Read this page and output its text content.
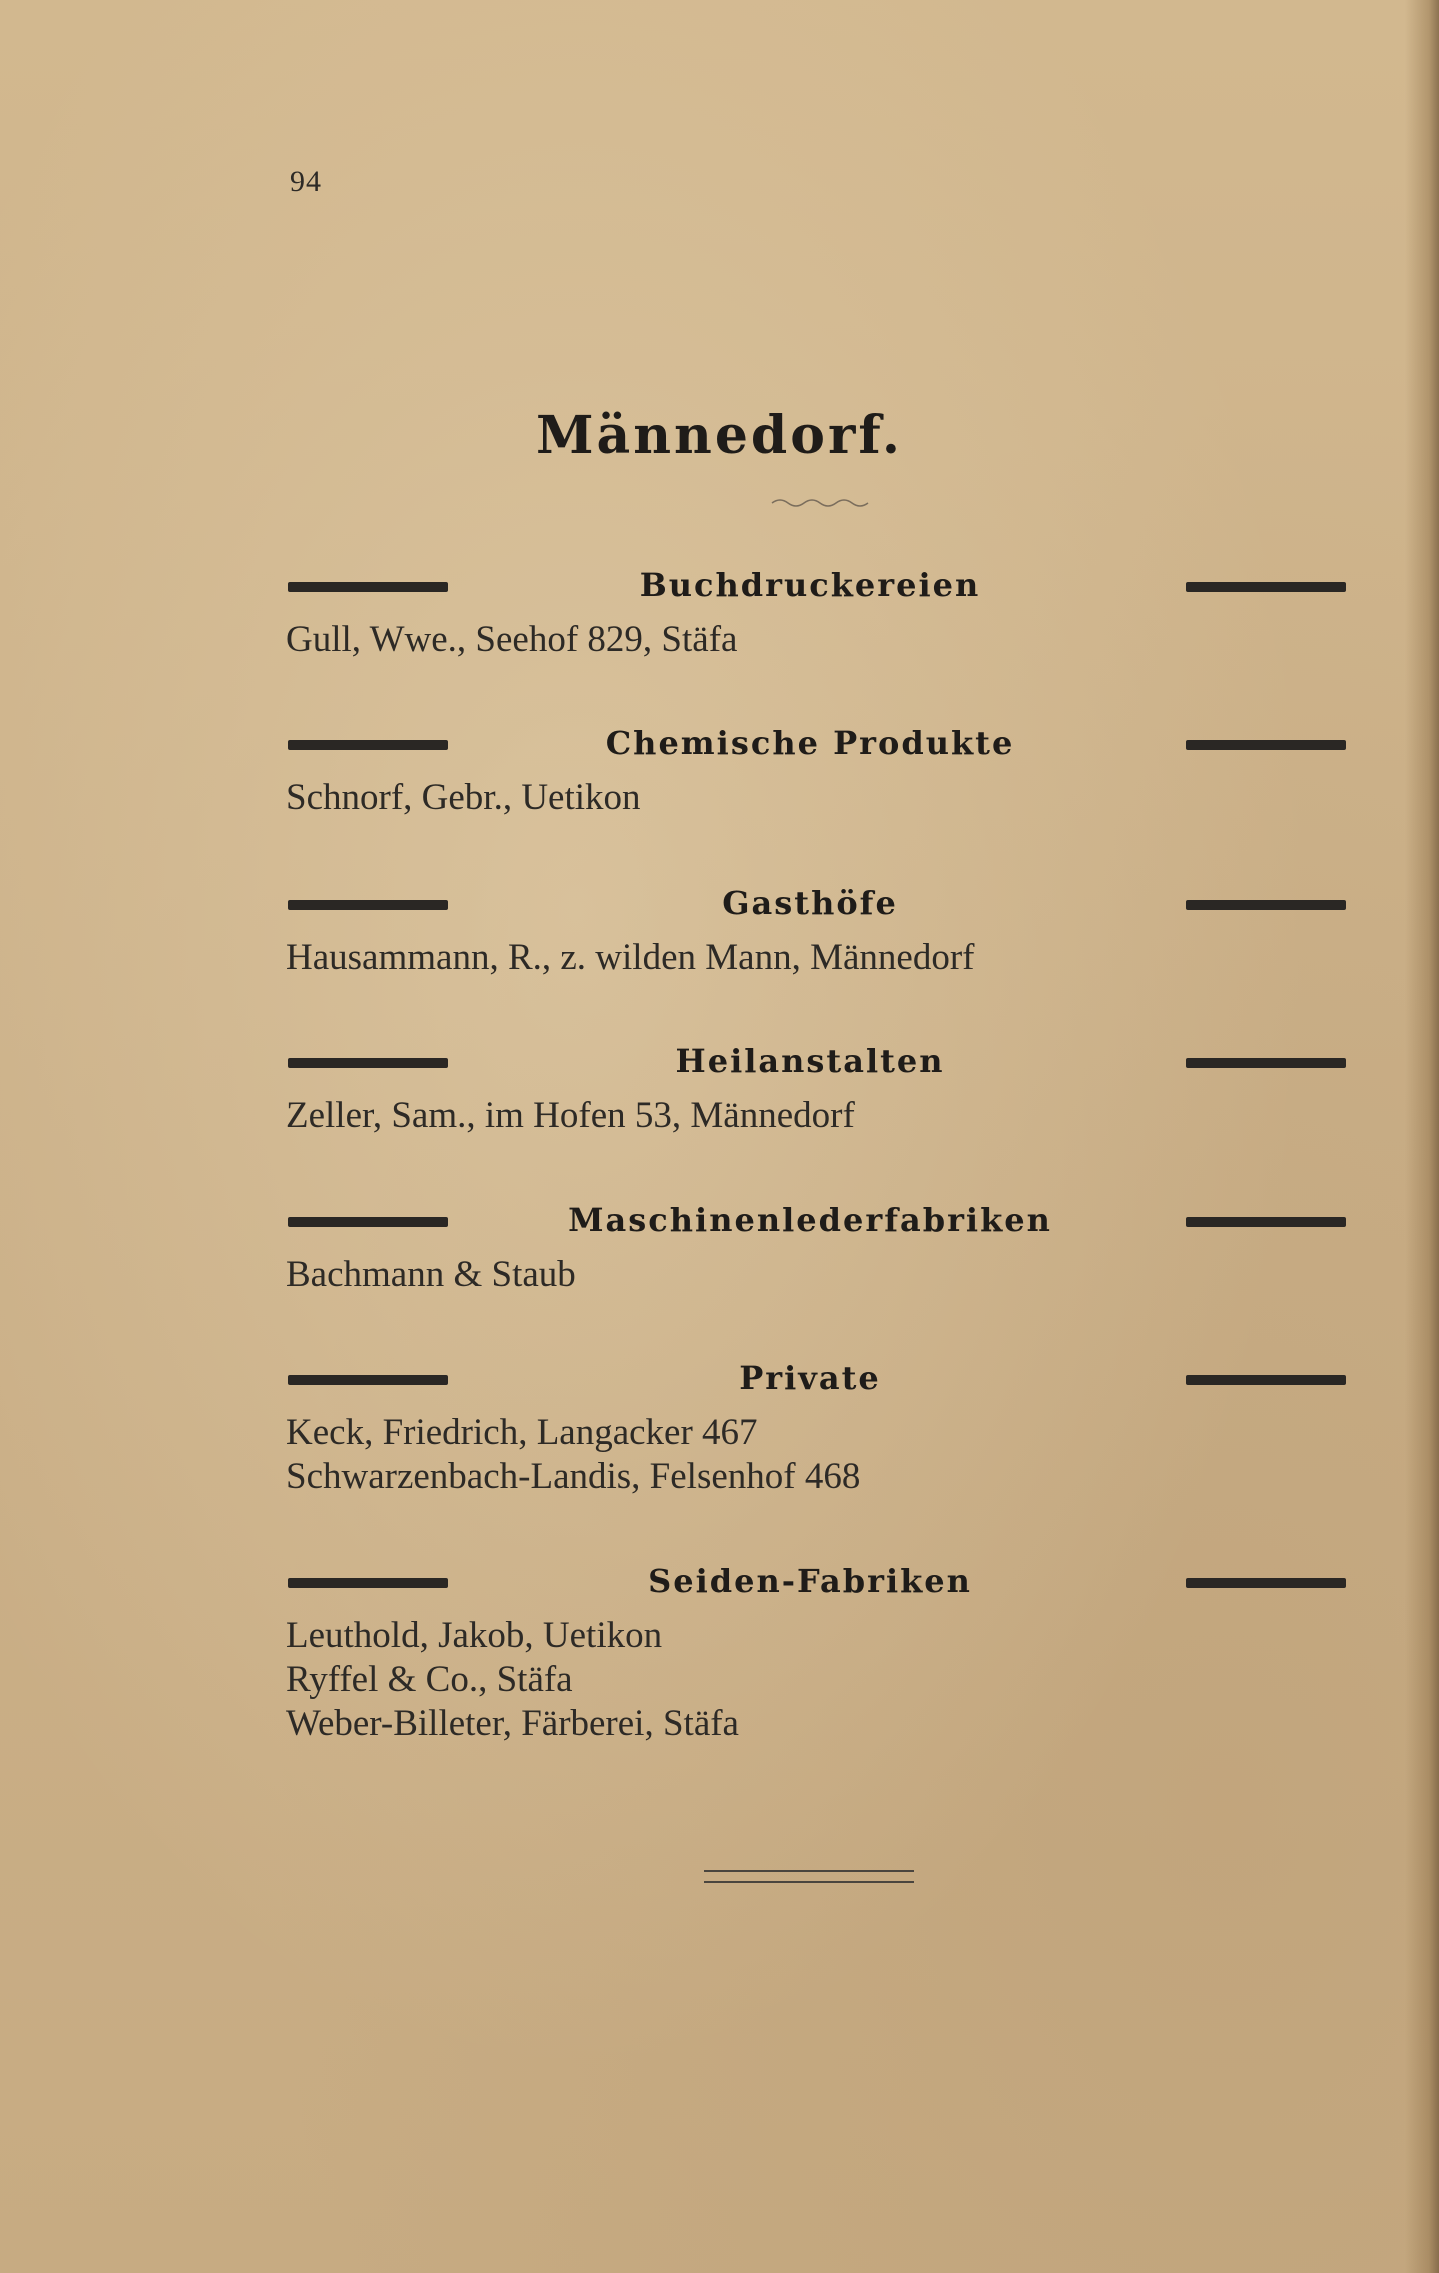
94
Männedorf.
Buchdruckereien
Gull, Wwe., Seehof 829, Stäfa
Chemische Produkte
Schnorf, Gebr., Uetikon
Gasthöfe
Hausammann, R., z. wilden Mann, Männedorf
Heilanstalten
Zeller, Sam., im Hofen 53, Männedorf
Maschinenlederfabriken
Bachmann & Staub
Private
Keck, Friedrich, Langacker 467
Schwarzenbach-Landis, Felsenhof 468
Seiden-Fabriken
Leuthold, Jakob, Uetikon
Ryffel & Co., Stäfa
Weber-Billeter, Färberei, Stäfa
